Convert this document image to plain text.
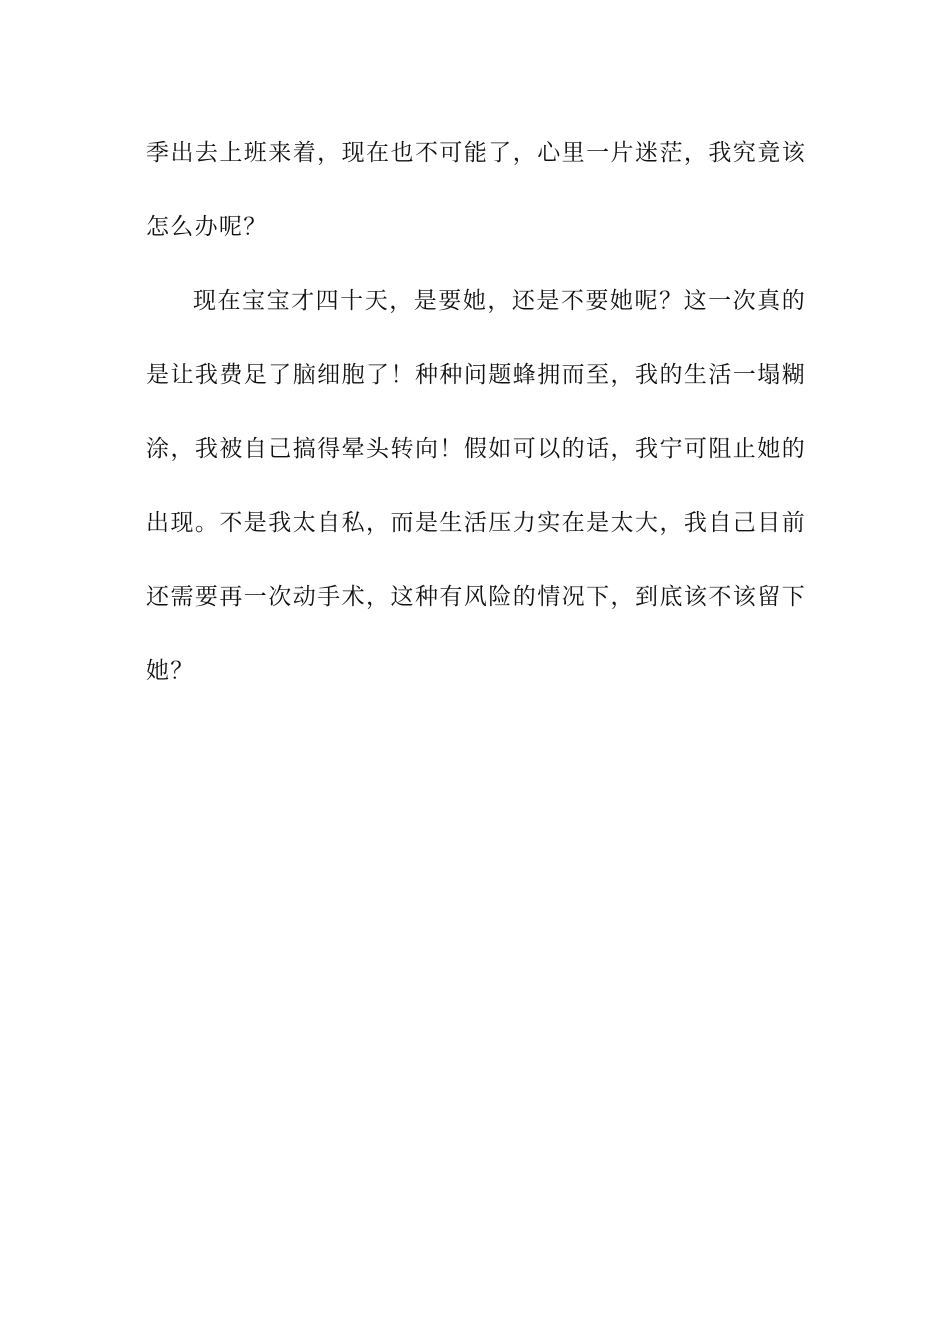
季出去上班来着，现在也不可能了，心里一片迷茫，我究竟该
怎么办呢？
现在宝宝才四十天，是要她，还是不要她呢？这一次真的
是让我费足了脑细胞了！种种问题蜂拥而至，我的生活一塌糊
涂，我被自己搞得晕头转向！假如可以的话，我宁可阻止她的
出现。不是我太自私，而是生活压力实在是太大，我自己目前
还需要再一次动手术，这种有风险的情况下，到底该不该留下
她？
